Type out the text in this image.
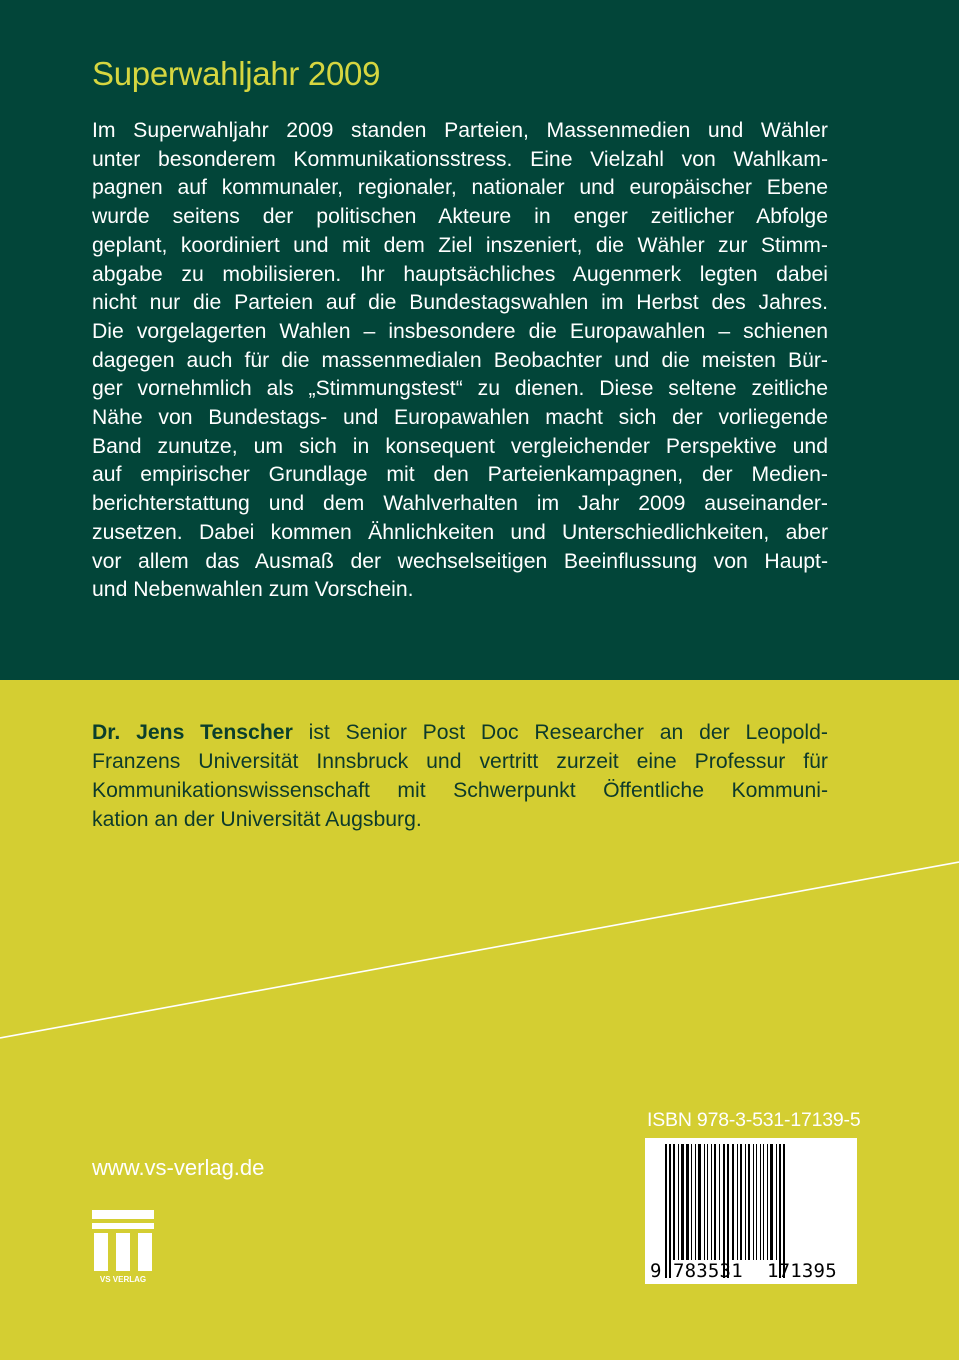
Superwahljahr 2009
Im Superwahljahr 2009 standen Parteien, Massenmedien und Wähler
unter besonderem Kommunikationsstress. Eine Vielzahl von Wahlkam-
pagnen auf kommunaler, regionaler, nationaler und europäischer Ebene
wurde seitens der politischen Akteure in enger zeitlicher Abfolge
geplant, koordiniert und mit dem Ziel inszeniert, die Wähler zur Stimm-
abgabe zu mobilisieren. Ihr hauptsächliches Augenmerk legten dabei
nicht nur die Parteien auf die Bundestagswahlen im Herbst des Jahres.
Die vorgelagerten Wahlen – insbesondere die Europawahlen – schienen
dagegen auch für die massenmedialen Beobachter und die meisten Bür-
ger vornehmlich als „Stimmungstest“ zu dienen. Diese seltene zeitliche
Nähe von Bundestags- und Europawahlen macht sich der vorliegende
Band zunutze, um sich in konsequent vergleichender Perspektive und
auf empirischer Grundlage mit den Parteienkampagnen, der Medien-
berichterstattung und dem Wahlverhalten im Jahr 2009 auseinander-
zusetzen. Dabei kommen Ähnlichkeiten und Unterschiedlichkeiten, aber
vor allem das Ausmaß der wechselseitigen Beeinflussung von Haupt-
und Nebenwahlen zum Vorschein.
Dr. Jens Tenscher ist Senior Post Doc Researcher an der Leopold-
Franzens Universität Innsbruck und vertritt zurzeit eine Professur für
Kommunikationswissenschaft mit Schwerpunkt Öffentliche Kommuni-
kation an der Universität Augsburg.
www.vs-verlag.de
VS VERLAG
ISBN 978-3-531-17139-5
9 783531 171395
